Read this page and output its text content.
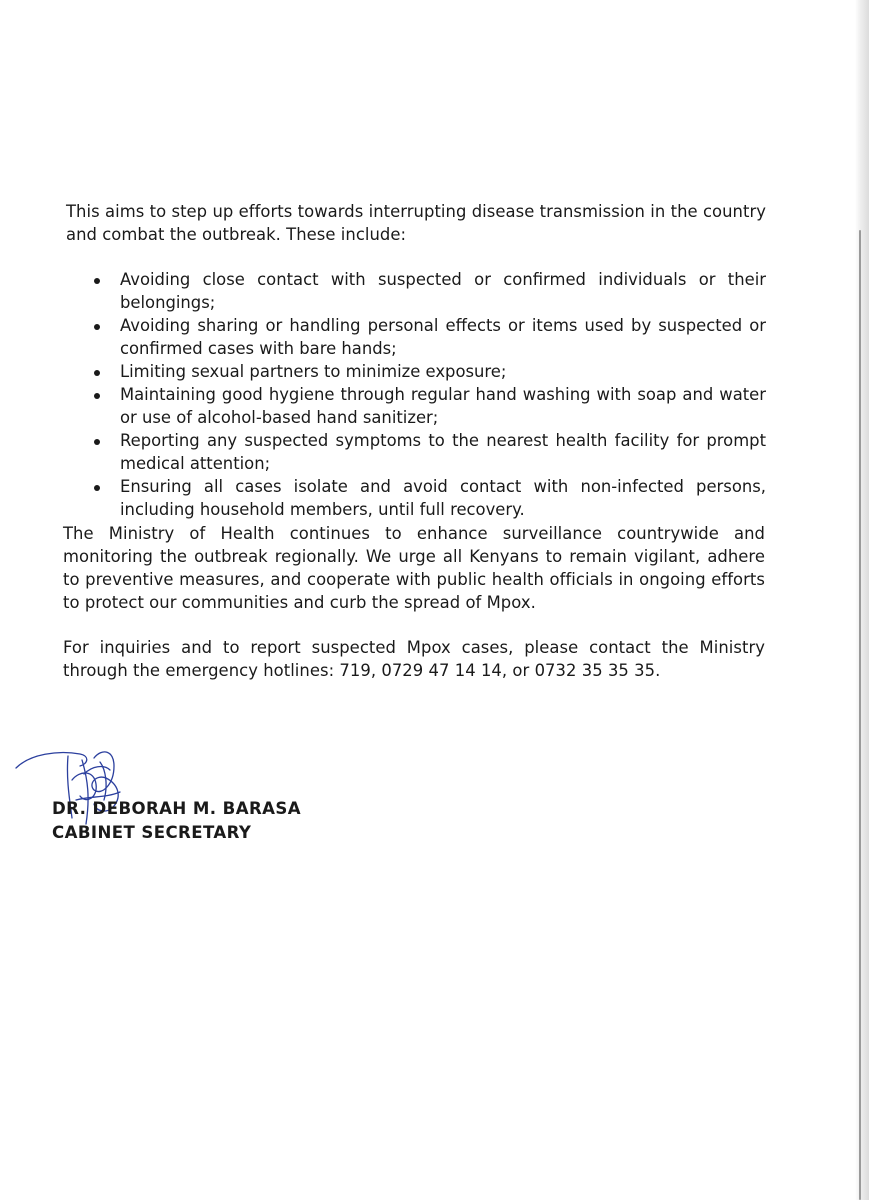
This aims to step up efforts towards interrupting disease transmission in the country and combat the outbreak. These include:

Avoiding close contact with suspected or confirmed individuals or their belongings;
Avoiding sharing or handling personal effects or items used by suspected or confirmed cases with bare hands;
Limiting sexual partners to minimize exposure;
Maintaining good hygiene through regular hand washing with soap and water or use of alcohol-based hand sanitizer;
Reporting any suspected symptoms to the nearest health facility for prompt medical attention;
Ensuring all cases isolate and avoid contact with non-infected persons, including household members, until full recovery.

The Ministry of Health continues to enhance surveillance countrywide and monitoring the outbreak regionally. We urge all Kenyans to remain vigilant, adhere to preventive measures, and cooperate with public health officials in ongoing efforts to protect our communities and curb the spread of Mpox.

For inquiries and to report suspected Mpox cases, please contact the Ministry through the emergency hotlines: 719, 0729 47 14 14, or 0732 35 35 35.

DR. DEBORAH M. BARASA
CABINET SECRETARY
